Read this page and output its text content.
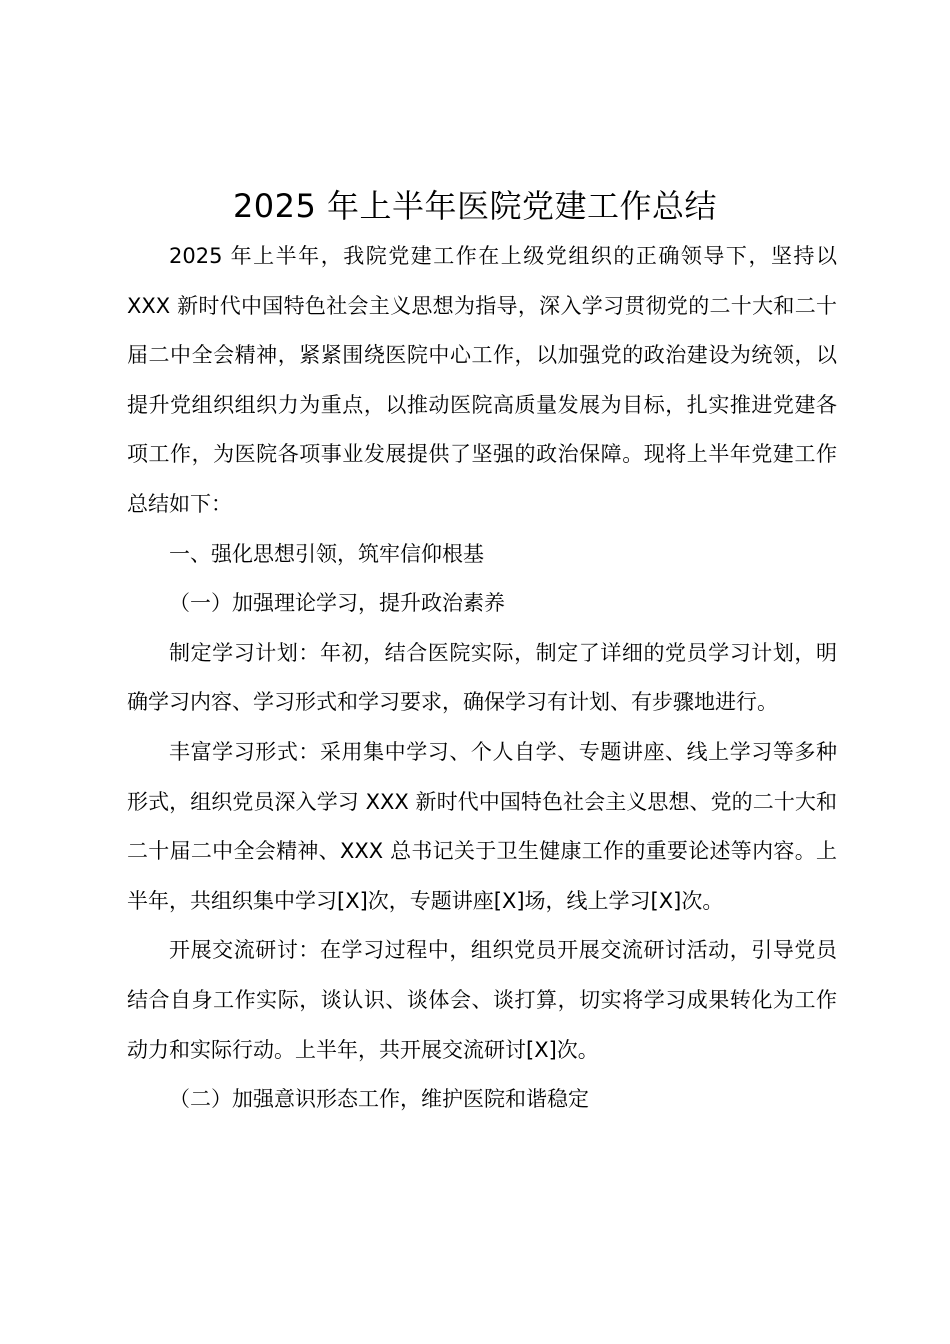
2025 年上半年医院党建工作总结

2025 年上半年，我院党建工作在上级党组织的正确领导下，坚持以 XXX 新时代中国特色社会主义思想为指导，深入学习贯彻党的二十大和二十届二中全会精神，紧紧围绕医院中心工作，以加强党的政治建设为统领，以提升党组织组织力为重点，以推动医院高质量发展为目标，扎实推进党建各项工作，为医院各项事业发展提供了坚强的政治保障。现将上半年党建工作总结如下：

一、强化思想引领，筑牢信仰根基

（一）加强理论学习，提升政治素养

制定学习计划：年初，结合医院实际，制定了详细的党员学习计划，明确学习内容、学习形式和学习要求，确保学习有计划、有步骤地进行。

丰富学习形式：采用集中学习、个人自学、专题讲座、线上学习等多种形式，组织党员深入学习 XXX 新时代中国特色社会主义思想、党的二十大和二十届二中全会精神、XXX 总书记关于卫生健康工作的重要论述等内容。上半年，共组织集中学习[X]次，专题讲座[X]场，线上学习[X]次。

开展交流研讨：在学习过程中，组织党员开展交流研讨活动，引导党员结合自身工作实际，谈认识、谈体会、谈打算，切实将学习成果转化为工作动力和实际行动。上半年，共开展交流研讨[X]次。

（二）加强意识形态工作，维护医院和谐稳定
